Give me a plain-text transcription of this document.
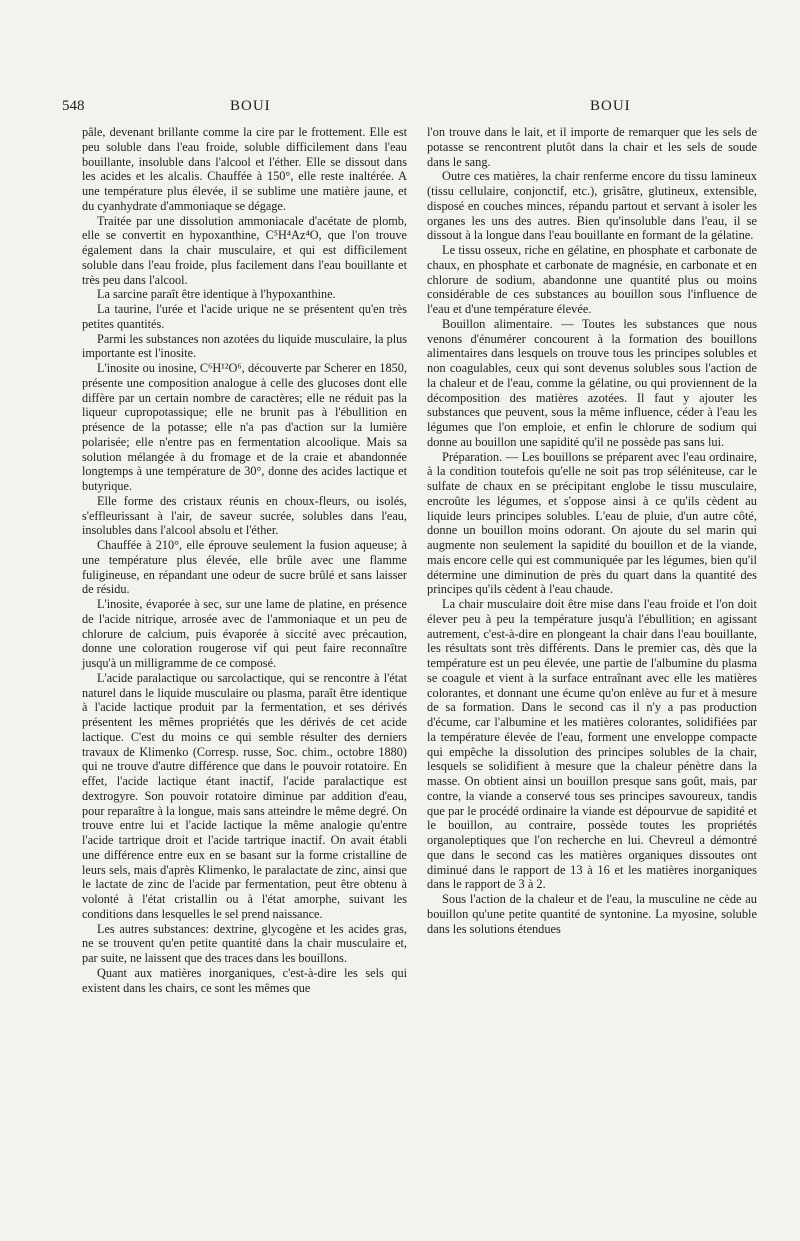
548	BOUI	BOUI

pâle, devenant brillante comme la cire par le frottement. Elle est peu soluble dans l'eau froide, soluble difficilement dans l'eau bouillante, insoluble dans l'alcool et l'éther. Elle se dissout dans les acides et les alcalis. Chauffée à 150°, elle reste inaltérée. A une température plus élevée, il se sublime une matière jaune, et du cyanhydrate d'ammoniaque se dégage.

Traitée par une dissolution ammoniacale d'acétate de plomb, elle se convertit en hypoxanthine, C⁵H⁴Az⁴O, que l'on trouve également dans la chair musculaire, et qui est difficilement soluble dans l'eau froide, plus facilement dans l'eau bouillante et très peu dans l'alcool.

La sarcine paraît être identique à l'hypoxanthine.

La taurine, l'urée et l'acide urique ne se présentent qu'en très petites quantités.

Parmi les substances non azotées du liquide musculaire, la plus importante est l'inosite.

L'inosite ou inosine, C⁶H¹²O⁶, découverte par Scherer en 1850, présente une composition analogue à celle des glucoses dont elle diffère par un certain nombre de caractères; elle ne réduit pas la liqueur cupropotassique; elle ne brunit pas à l'ébullition en présence de la potasse; elle n'a pas d'action sur la lumière polarisée; elle n'entre pas en fermentation alcoolique. Mais sa solution mélangée à du fromage et de la craie et abandonnée longtemps à une température de 30°, donne des acides lactique et butyrique.

Elle forme des cristaux réunis en choux-fleurs, ou isolés, s'effleurissant à l'air, de saveur sucrée, solubles dans l'eau, insolubles dans l'alcool absolu et l'éther.

Chauffée à 210°, elle éprouve seulement la fusion aqueuse; à une température plus élevée, elle brûle avec une flamme fuligineuse, en répandant une odeur de sucre brûlé et sans laisser de résidu.

L'inosite, évaporée à sec, sur une lame de platine, en présence de l'acide nitrique, arrosée avec de l'ammoniaque et un peu de chlorure de calcium, puis évaporée à siccité avec précaution, donne une coloration rougerose vif qui peut faire reconnaître jusqu'à un milligramme de ce composé.

L'acide paralactique ou sarcolactique, qui se rencontre à l'état naturel dans le liquide musculaire ou plasma, paraît être identique à l'acide lactique produit par la fermentation, et ses dérivés présentent les mêmes propriétés que les dérivés de cet acide lactique. C'est du moins ce qui semble résulter des derniers travaux de Klimenko (Corresp. russe, Soc. chim., octobre 1880) qui ne trouve d'autre différence que dans le pouvoir rotatoire. En effet, l'acide lactique étant inactif, l'acide paralactique est dextrogyre. Son pouvoir rotatoire diminue par addition d'eau, pour reparaître à la longue, mais sans atteindre le même degré. On trouve entre lui et l'acide lactique la même analogie qu'entre l'acide tartrique droit et l'acide tartrique inactif. On avait établi une différence entre eux en se basant sur la forme cristalline de leurs sels, mais d'après Klimenko, le paralactate de zinc, ainsi que le lactate de zinc de l'acide par fermentation, peut être obtenu à volonté à l'état cristallin ou à l'état amorphe, suivant les conditions dans lesquelles le sel prend naissance.

Les autres substances: dextrine, glycogène et les acides gras, ne se trouvent qu'en petite quantité dans la chair musculaire et, par suite, ne laissent que des traces dans les bouillons.

Quant aux matières inorganiques, c'est-à-dire les sels qui existent dans les chairs, ce sont les mêmes que

l'on trouve dans le lait, et il importe de remarquer que les sels de potasse se rencontrent plutôt dans la chair et les sels de soude dans le sang.

Outre ces matières, la chair renferme encore du tissu lamineux (tissu cellulaire, conjonctif, etc.), grisâtre, glutineux, extensible, disposé en couches minces, répandu partout et servant à isoler les organes les uns des autres. Bien qu'insoluble dans l'eau, il se dissout à la longue dans l'eau bouillante en formant de la gélatine.

Le tissu osseux, riche en gélatine, en phosphate et carbonate de chaux, en phosphate et carbonate de magnésie, en carbonate et en chlorure de sodium, abandonne une quantité plus ou moins considérable de ces substances au bouillon sous l'influence de l'eau et d'une température élevée.

Bouillon alimentaire. — Toutes les substances que nous venons d'énumérer concourent à la formation des bouillons alimentaires dans lesquels on trouve tous les principes solubles et non coagulables, ceux qui sont devenus solubles sous l'action de la chaleur et de l'eau, comme la gélatine, ou qui proviennent de la décomposition des matières azotées. Il faut y ajouter les substances que peuvent, sous la même influence, céder à l'eau les légumes que l'on emploie, et enfin le chlorure de sodium qui donne au bouillon une sapidité qu'il ne possède pas sans lui.

Préparation. — Les bouillons se préparent avec l'eau ordinaire, à la condition toutefois qu'elle ne soit pas trop séléniteuse, car le sulfate de chaux en se précipitant englobe le tissu musculaire, encroûte les légumes, et s'oppose ainsi à ce qu'ils cèdent au liquide leurs principes solubles. L'eau de pluie, d'un autre côté, donne un bouillon moins odorant. On ajoute du sel marin qui augmente non seulement la sapidité du bouillon et de la viande, mais encore celle qui est communiquée par les légumes, bien qu'il détermine une diminution de près du quart dans la quantité des principes qu'ils cèdent à l'eau chaude.

La chair musculaire doit être mise dans l'eau froide et l'on doit élever peu à peu la température jusqu'à l'ébullition; en agissant autrement, c'est-à-dire en plongeant la chair dans l'eau bouillante, les résultats sont très différents. Dans le premier cas, dès que la température est un peu élevée, une partie de l'albumine du plasma se coagule et vient à la surface entraînant avec elle les matières colorantes, et donnant une écume qu'on enlève au fur et à mesure de sa formation. Dans le second cas il n'y a pas production d'écume, car l'albumine et les matières colorantes, solidifiées par la température élevée de l'eau, forment une enveloppe compacte qui empêche la dissolution des principes solubles de la chair, lesquels se solidifient à mesure que la chaleur pénètre dans la masse. On obtient ainsi un bouillon presque sans goût, mais, par contre, la viande a conservé tous ses principes savoureux, tandis que par le procédé ordinaire la viande est dépourvue de sapidité et le bouillon, au contraire, possède toutes les propriétés organoleptiques que l'on recherche en lui. Chevreul a démontré que dans le second cas les matières organiques dissoutes ont diminué dans le rapport de 13 à 16 et les matières inorganiques dans le rapport de 3 à 2.

Sous l'action de la chaleur et de l'eau, la musculine ne cède au bouillon qu'une petite quantité de syntonine. La myosine, soluble dans les solutions étendues
